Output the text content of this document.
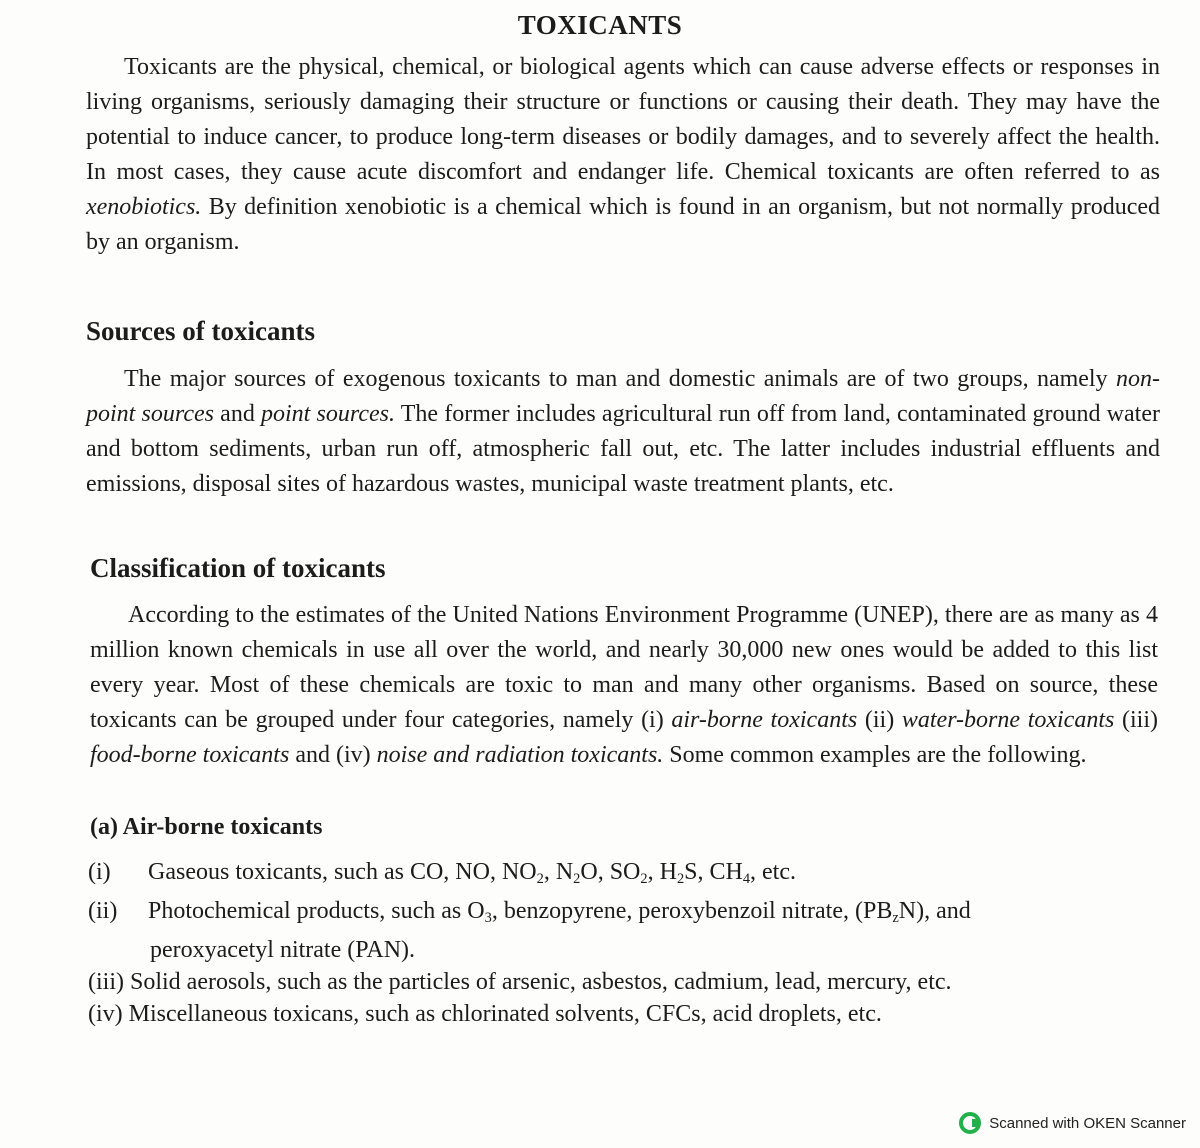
TOXICANTS

Toxicants are the physical, chemical, or biological agents which can cause adverse effects or responses in living organisms, seriously damaging their structure or functions or causing their death. They may have the potential to induce cancer, to produce long-term diseases or bodily damages, and to severely affect the health. In most cases, they cause acute discomfort and endanger life. Chemical toxicants are often referred to as xenobiotics. By definition xenobiotic is a chemical which is found in an organism, but not normally produced by an organism.

Sources of toxicants

The major sources of exogenous toxicants to man and domestic animals are of two groups, namely non-point sources and point sources. The former includes agricultural run off from land, contaminated ground water and bottom sediments, urban run off, atmospheric fall out, etc. The latter includes industrial effluents and emissions, disposal sites of hazardous wastes, municipal waste treatment plants, etc.

Classification of toxicants

According to the estimates of the United Nations Environment Programme (UNEP), there are as many as 4 million known chemicals in use all over the world, and nearly 30,000 new ones would be added to this list every year. Most of these chemicals are toxic to man and many other organisms. Based on source, these toxicants can be grouped under four categories, namely (i) air-borne toxicants (ii) water-borne toxicants (iii) food-borne toxicants and (iv) noise and radiation toxicants. Some common examples are the following.

(a) Air-borne toxicants
(i) Gaseous toxicants, such as CO, NO, $NO_2$, $N_2O$, $SO_2$, $H_2S$, $CH_4$, etc.
(ii) Photochemical products, such as $O_3$, benzopyrene, peroxybenzoil nitrate, $(PB_zN)$, and
peroxyacetyl nitrate (PAN).
(iii) Solid aerosols, such as the particles of arsenic, asbestos, cadmium, lead, mercury, etc.
(iv) Miscellaneous toxicans, such as chlorinated solvents, CFCs, acid droplets, etc.
Scanned with OKEN Scanner
